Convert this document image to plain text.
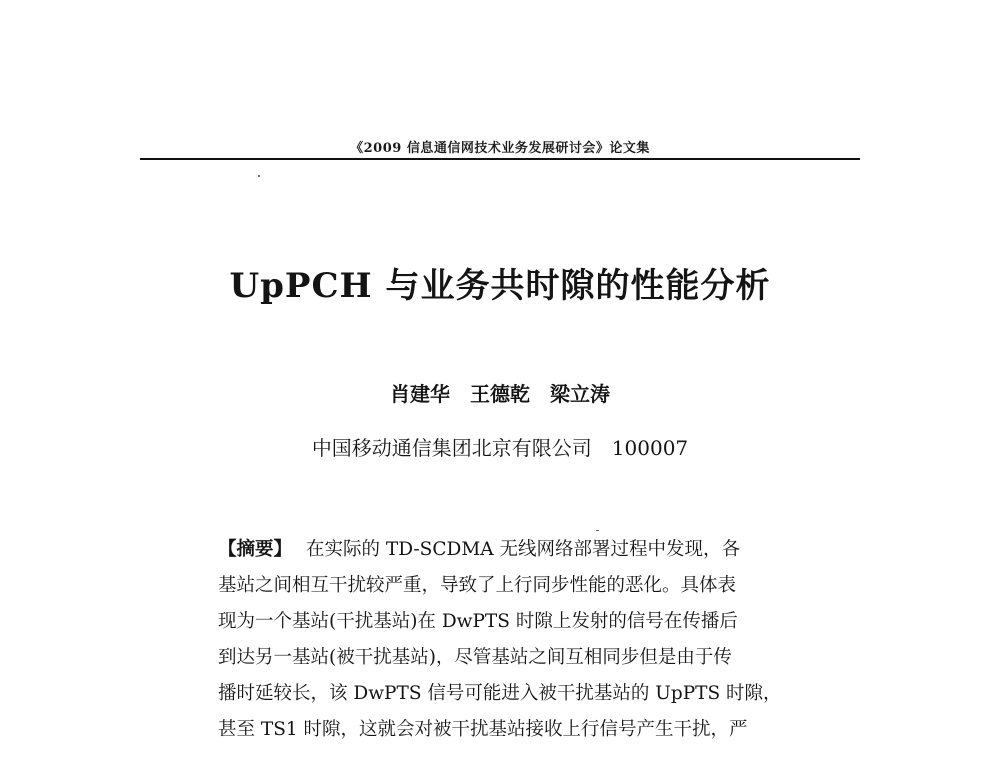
《2009 信息通信网技术业务发展研讨会》论文集
UpPCH 与业务共时隙的性能分析
肖建华　王德乾　梁立涛
中国移动通信集团北京有限公司　100007
【摘要】 在实际的 TD-SCDMA 无线网络部署过程中发现，各
基站之间相互干扰较严重，导致了上行同步性能的恶化。具体表
现为一个基站(干扰基站)在 DwPTS 时隙上发射的信号在传播后
到达另一基站(被干扰基站)，尽管基站之间互相同步但是由于传
播时延较长，该 DwPTS 信号可能进入被干扰基站的 UpPTS 时隙，
甚至 TS1 时隙，这就会对被干扰基站接收上行信号产生干扰，严
